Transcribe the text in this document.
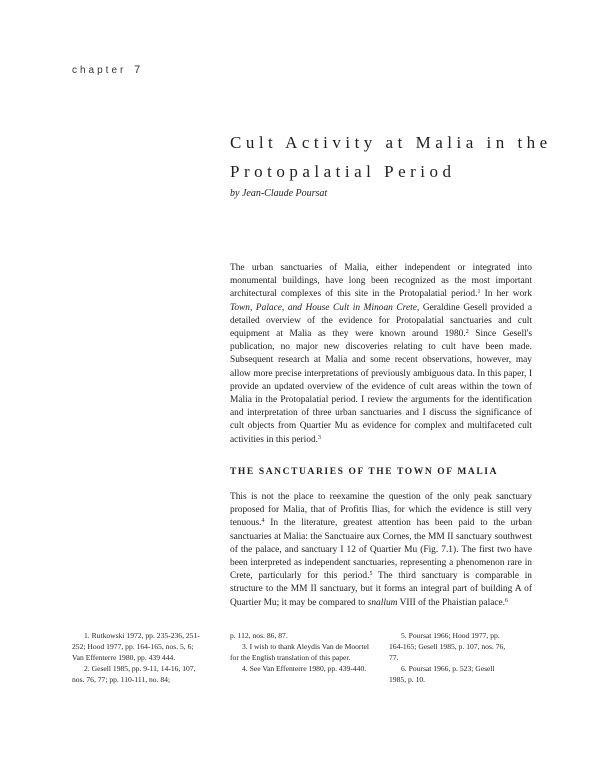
chapter 7
Cult Activity at Malia in the
Protopalatial Period
by Jean-Claude Poursat

The urban sanctuaries of Malia, either independent or integrated into monumental buildings, have long been recognized as the most important architectural complexes of this site in the Protopalatial period.$^1$ In her work Town, Palace, and House Cult in Minoan Crete, Geraldine Gesell provided a detailed overview of the evidence for Protopalatial sanctuaries and cult equipment at Malia as they were known around 1980.$^2$ Since Gesell's publication, no major new discoveries relating to cult have been made. Subsequent research at Malia and some recent observations, however, may allow more precise interpretations of previously ambiguous data. In this paper, I provide an updated overview of the evidence of cult areas within the town of Malia in the Protopalatial period. I review the arguments for the identification and interpretation of three urban sanctuaries and I discuss the significance of cult objects from Quartier Mu as evidence for complex and multifaceted cult activities in this period.$^3$

THE SANCTUARIES OF THE TOWN OF MALIA

This is not the place to reexamine the question of the only peak sanctuary proposed for Malia, that of Profitis Ilias, for which the evidence is still very tenuous.$^4$ In the literature, greatest attention has been paid to the urban sanctuaries at Malia: the Sanctuaire aux Cornes, the MM II sanctuary southwest of the palace, and sanctuary I 12 of Quartier Mu (Fig. 7.1). The first two have been interpreted as independent sanctuaries, representing a phenomenon rare in Crete, particularly for this period.$^5$ The third sanctuary is comparable in structure to the MM II sanctuary, but it forms an integral part of building A of Quartier Mu; it may be compared to snallum VIII of the Phaistian palace.$^6$

1. Rutkowski 1972, pp. 235-236, 251-252; Hood 1977, pp. 164-165, nos. 5, 6; Van Effenterre 1980, pp. 439 444.

2. Gesell 1985, pp. 9-11, 14-16, 107, nos. 76, 77; pp. 110-111, no. 84;

p. 112, nos. 86, 87.

3. I wish to thank Aleydis Van de Moortel for the English translation of this paper.

4. See Van Effenterre 1980, pp. 439-440.

5. Poursat 1966; Hood 1977, pp. 164-165; Gesell 1985, p. 107, nos. 76, 77.

6. Poursat 1966, p. 523; Gesell 1985, p. 10.
